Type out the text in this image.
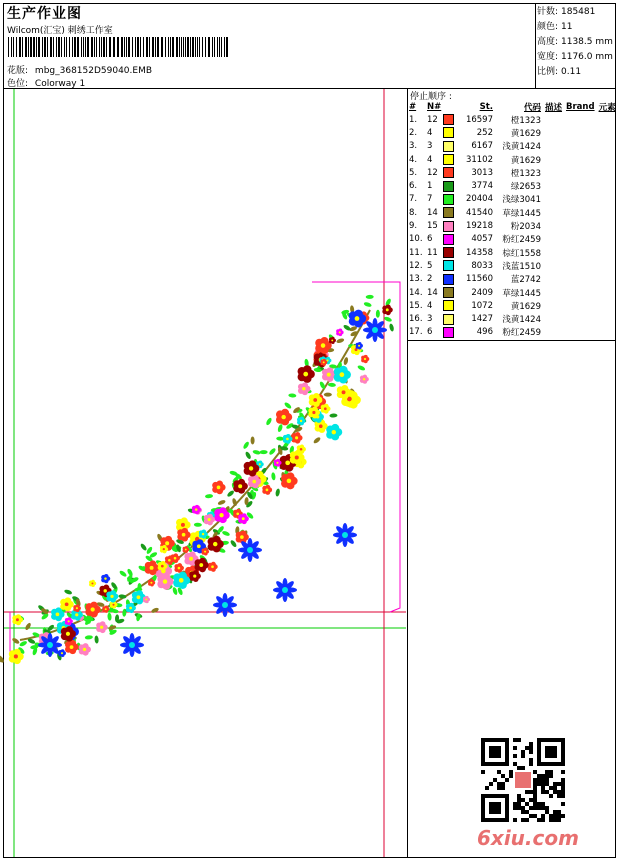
生产作业图
Wilcom(汇宝) 刺绣工作室
花版: mbg_368152D59040.EMB
色位: Colorway 1
针数: 185481
颜色: 11
高度: 1138.5 mm
宽度: 1176.0 mm
比例: 0.11
停止顺序 :
#	N#		St.	代码	描述	Brand	元素
1.	12		16597	橙1323			
2.	4		252	黄1629			
3.	3		6167	浅黄1424			
4.	4		31102	黄1629			
5.	12		3013	橙1323			
6.	1		3774	绿2653			
7.	7		20404	浅绿3041			
8.	14		41540	草绿1445			
9.	15		19218	粉2034			
10.	6		4057	粉红2459			
11.	11		14358	棕红1558			
12.	5		8033	浅蓝1510			
13.	2		11560	蓝2742			
14.	14		2409	草绿1445			
15.	4		1072	黄1629			
16.	3		1427	浅黄1424			
17.	6		496	粉红2459			
6xiu.com
